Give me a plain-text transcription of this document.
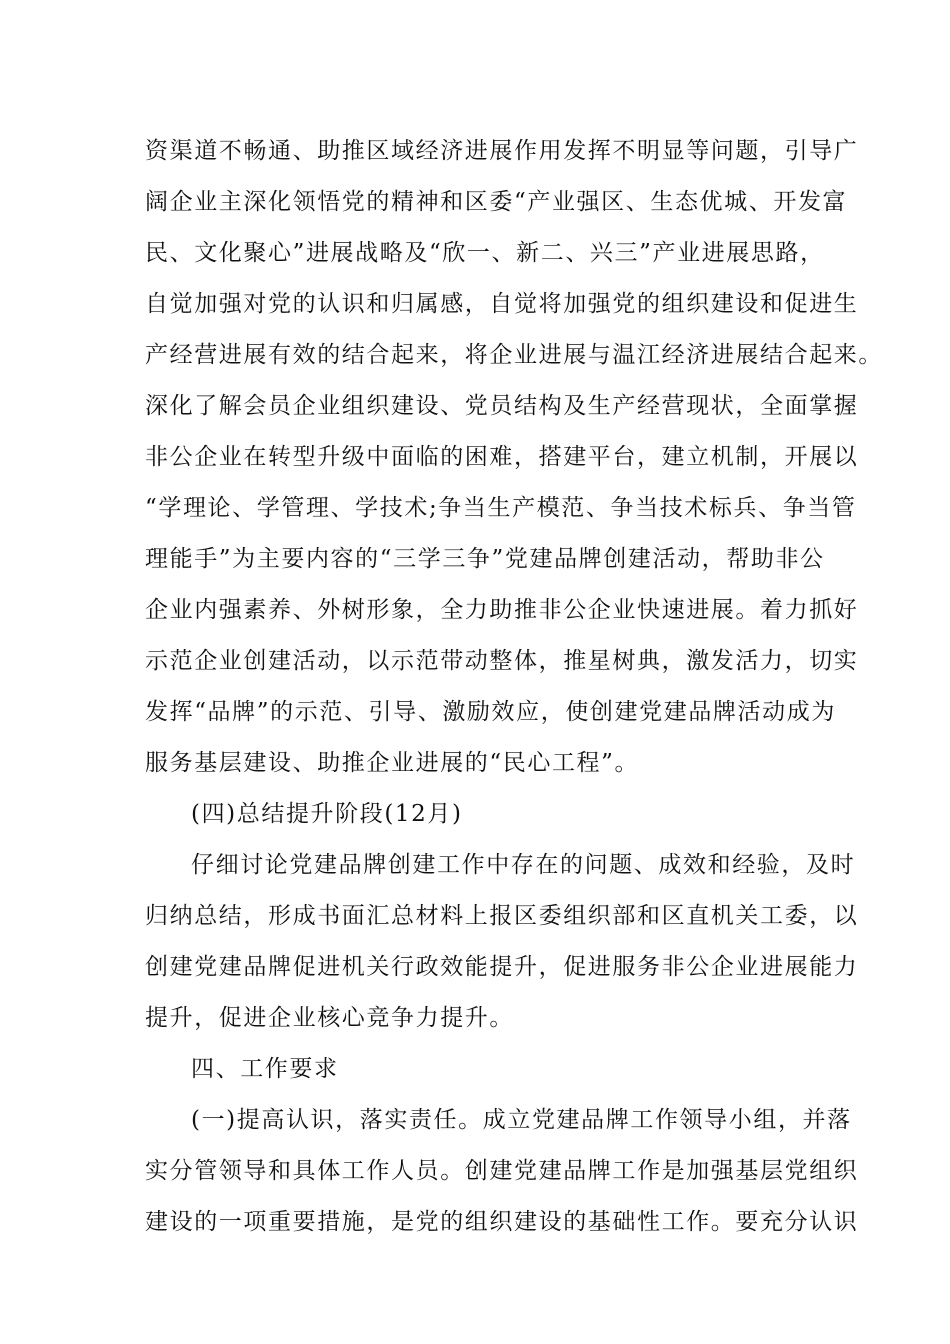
资渠道不畅通、助推区域经济进展作用发挥不明显等问题，引导广
阔企业主深化领悟党的精神和区委“产业强区、生态优城、开发富
民、文化聚心”进展战略及“欣一、新二、兴三”产业进展思路，
自觉加强对党的认识和归属感，自觉将加强党的组织建设和促进生
产经营进展有效的结合起来，将企业进展与温江经济进展结合起来。
深化了解会员企业组织建设、党员结构及生产经营现状，全面掌握
非公企业在转型升级中面临的困难，搭建平台，建立机制，开展以
“学理论、学管理、学技术;争当生产模范、争当技术标兵、争当管
理能手”为主要内容的“三学三争”党建品牌创建活动，帮助非公
企业内强素养、外树形象，全力助推非公企业快速进展。着力抓好
示范企业创建活动，以示范带动整体，推星树典，激发活力，切实
发挥“品牌”的示范、引导、激励效应，使创建党建品牌活动成为
服务基层建设、助推企业进展的“民心工程”。
(四)总结提升阶段(12月)
仔细讨论党建品牌创建工作中存在的问题、成效和经验，及时
归纳总结，形成书面汇总材料上报区委组织部和区直机关工委，以
创建党建品牌促进机关行政效能提升，促进服务非公企业进展能力
提升，促进企业核心竞争力提升。
四、工作要求
(一)提高认识，落实责任。成立党建品牌工作领导小组，并落
实分管领导和具体工作人员。创建党建品牌工作是加强基层党组织
建设的一项重要措施，是党的组织建设的基础性工作。要充分认识
